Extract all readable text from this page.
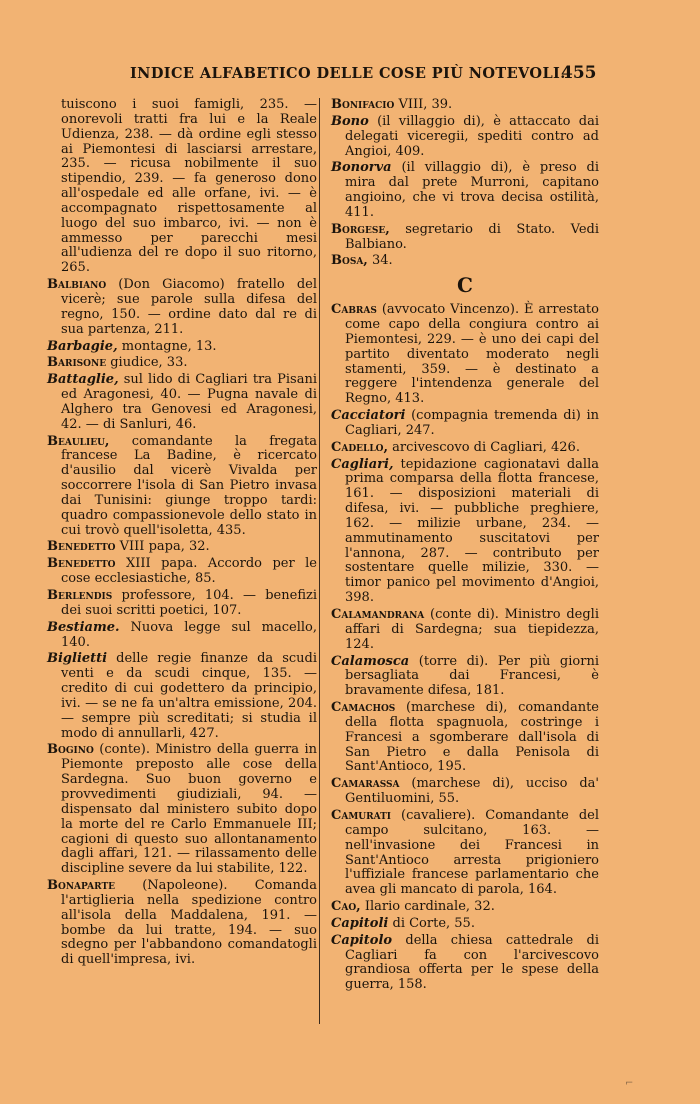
INDICE ALFABETICO DELLE COSE PIÙ NOTEVOLI.
455

tuiscono i suoi famigli, 235. — onorevoli tratti fra lui e la Reale Udienza, 238. — dà ordine egli stesso ai Piemontesi di lasciarsi arrestare, 235. — ricusa nobilmente il suo stipendio, 239. — fa generoso dono all'ospedale ed alle orfane, ivi. — è accompagnato rispettosamente al luogo del suo imbarco, ivi. — non è ammesso per parecchi mesi all'udienza del re dopo il suo ritorno, 265.

Balbiano (Don Giacomo) fratello del vicerè; sue parole sulla difesa del regno, 150. — ordine dato dal re di sua partenza, 211.

Barbagie, montagne, 13.

Barisone giudice, 33.

Battaglie, sul lido di Cagliari tra Pisani ed Aragonesi, 40. — Pugna navale di Alghero tra Genovesi ed Aragonesi, 42. — di Sanluri, 46.

Beaulieu, comandante la fregata francese La Badine, è ricercato d'ausilio dal vicerè Vivalda per soccorrere l'isola di San Pietro invasa dai Tunisini: giunge troppo tardi: quadro compassionevole dello stato in cui trovò quell'isoletta, 435.

Benedetto VIII papa, 32.

Benedetto XIII papa. Accordo per le cose ecclesiastiche, 85.

Berlendis professore, 104. — benefizi dei suoi scritti poetici, 107.

Bestiame. Nuova legge sul macello, 140.

Biglietti delle regie finanze da scudi venti e da scudi cinque, 135. — credito di cui godettero da principio, ivi. — se ne fa un'altra emissione, 204. — sempre più screditati; si studia il modo di annullarli, 427.

Bogino (conte). Ministro della guerra in Piemonte preposto alle cose della Sardegna. Suo buon governo e provvedimenti giudiziali, 94. — dispensato dal ministero subito dopo la morte del re Carlo Emmanuele III; cagioni di questo suo allontanamento dagli affari, 121. — rilassamento delle discipline severe da lui stabilite, 122.

Bonaparte (Napoleone). Comanda l'artiglieria nella spedizione contro all'isola della Maddalena, 191. — bombe da lui tratte, 194. — suo sdegno per l'abbandono comandatogli di quell'impresa, ivi.

Bonifacio VIII, 39.

Bono (il villaggio di), è attaccato dai delegati viceregii, spediti contro ad Angioi, 409.

Bonorva (il villaggio di), è preso di mira dal prete Murroni, capitano angioino, che vi trova decisa ostilità, 411.

Borgese, segretario di Stato. Vedi Balbiano.

Bosa, 34.

C

Cabras (avvocato Vincenzo). È arrestato come capo della congiura contro ai Piemontesi, 229. — è uno dei capi del partito diventato moderato negli stamenti, 359. — è destinato a reggere l'intendenza generale del Regno, 413.

Cacciatori (compagnia tremenda di) in Cagliari, 247.

Cadello, arcivescovo di Cagliari, 426.

Cagliari, tepidazione cagionatavi dalla prima comparsa della flotta francese, 161. — disposizioni materiali di difesa, ivi. — pubbliche preghiere, 162. — milizie urbane, 234. — ammutinamento suscitatovi per l'annona, 287. — contributo per sostentare quelle milizie, 330. — timor panico pel movimento d'Angioi, 398.

Calamandrana (conte di). Ministro degli affari di Sardegna; sua tiepidezza, 124.

Calamosca (torre di). Per più giorni bersagliata dai Francesi, è bravamente difesa, 181.

Camachos (marchese di), comandante della flotta spagnuola, costringe i Francesi a sgomberare dall'isola di San Pietro e dalla Penisola di Sant'Antioco, 195.

Camarassa (marchese di), ucciso da' Gentiluomini, 55.

Camurati (cavaliere). Comandante del campo sulcitano, 163. — nell'invasione dei Francesi in Sant'Antioco arresta prigioniero l'uffiziale francese parlamentario che avea gli mancato di parola, 164.

Cao, Ilario cardinale, 32.

Capitoli di Corte, 55.

Capitolo della chiesa cattedrale di Cagliari fa con l'arcivescovo grandiosa offerta per le spese della guerra, 158.

⌐
